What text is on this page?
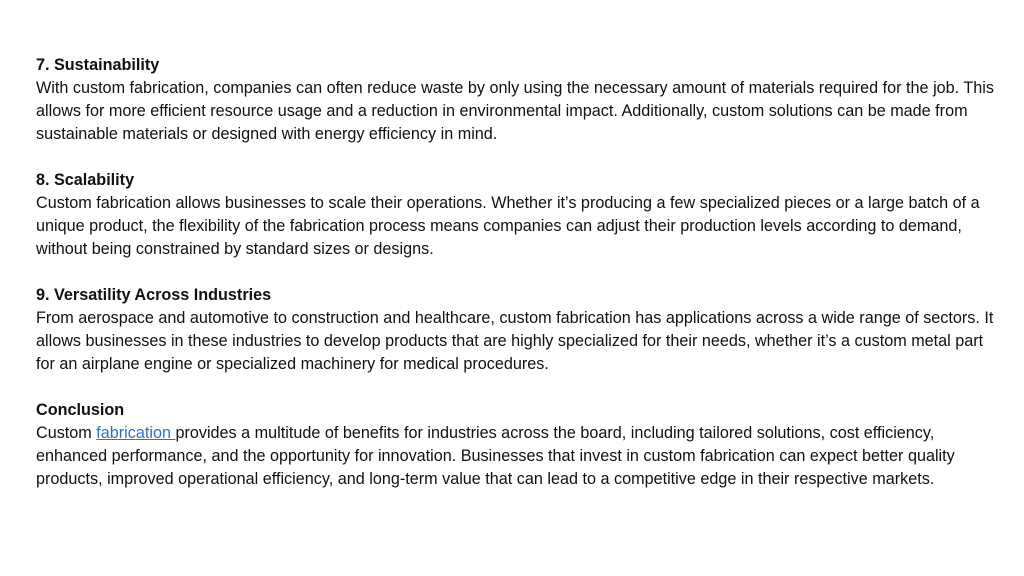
7. Sustainability
With custom fabrication, companies can often reduce waste by only using the necessary amount of materials required for the job. This allows for more efficient resource usage and a reduction in environmental impact. Additionally, custom solutions can be made from sustainable materials or designed with energy efficiency in mind.
8. Scalability
Custom fabrication allows businesses to scale their operations. Whether it’s producing a few specialized pieces or a large batch of a unique product, the flexibility of the fabrication process means companies can adjust their production levels according to demand, without being constrained by standard sizes or designs.
9. Versatility Across Industries
From aerospace and automotive to construction and healthcare, custom fabrication has applications across a wide range of sectors. It allows businesses in these industries to develop products that are highly specialized for their needs, whether it’s a custom metal part for an airplane engine or specialized machinery for medical procedures.
Conclusion
Custom fabrication provides a multitude of benefits for industries across the board, including tailored solutions, cost efficiency, enhanced performance, and the opportunity for innovation. Businesses that invest in custom fabrication can expect better quality products, improved operational efficiency, and long-term value that can lead to a competitive edge in their respective markets.
